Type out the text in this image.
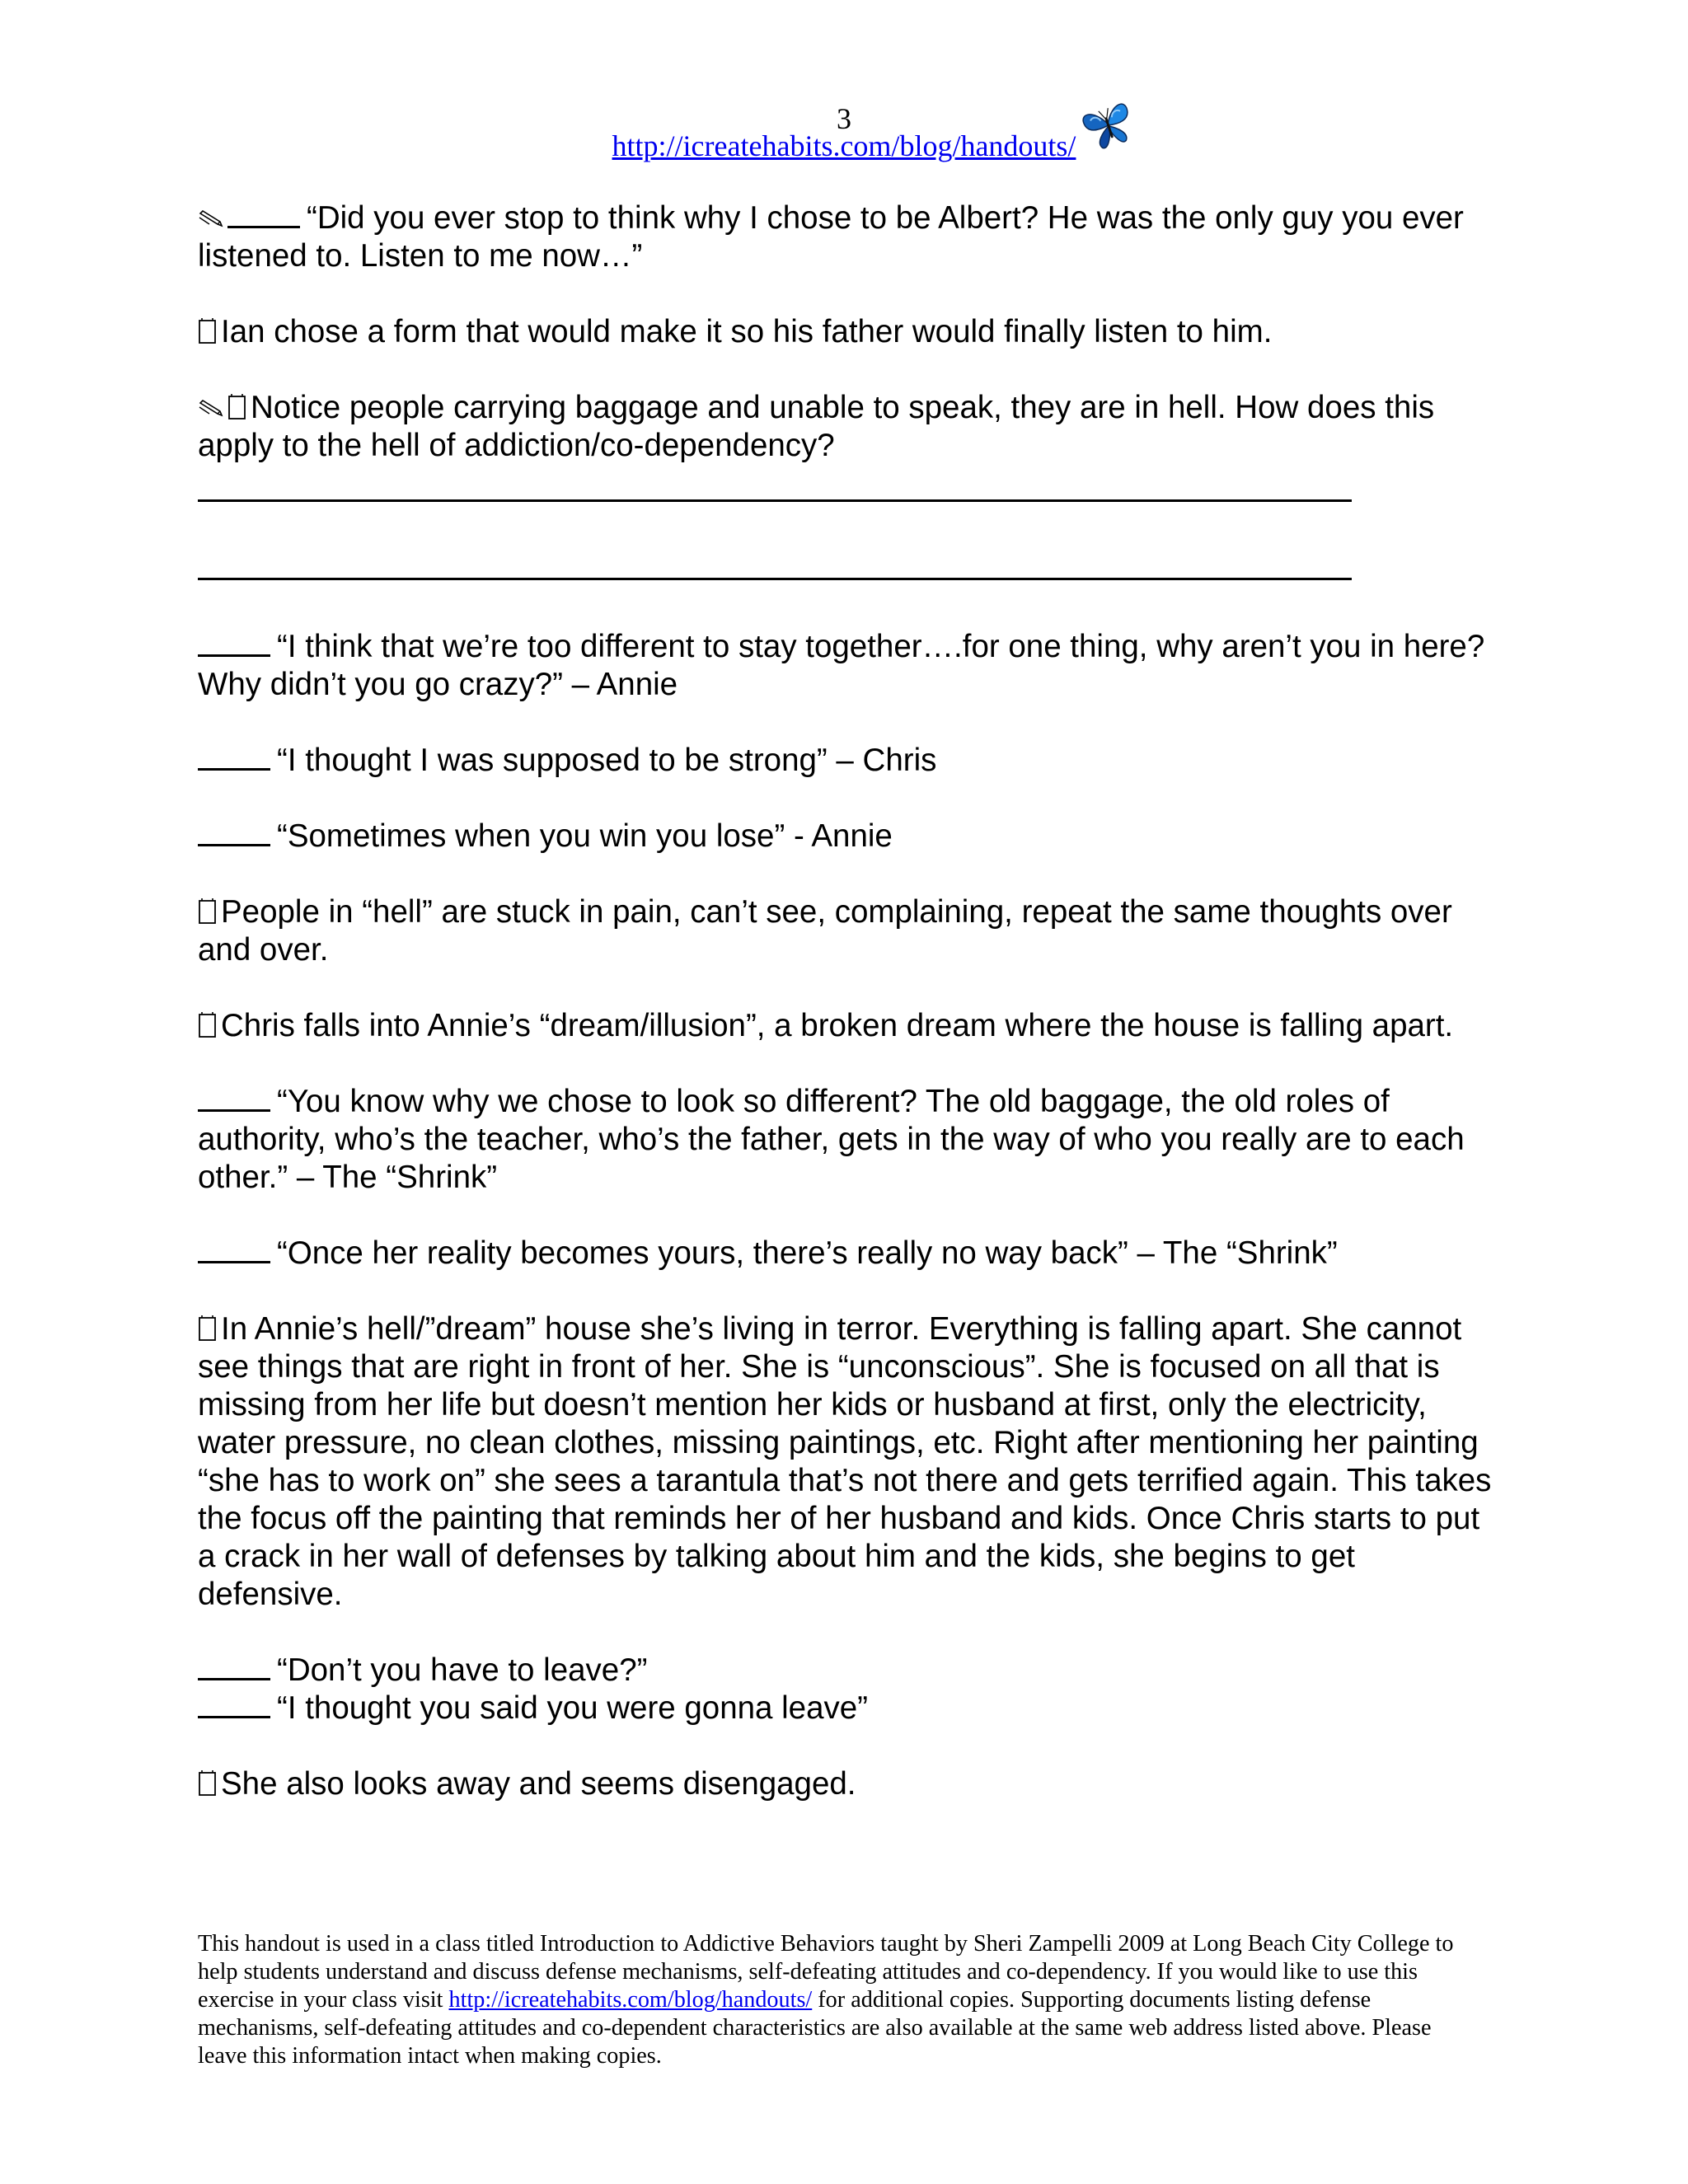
3
http://icreatehabits.com/blog/handouts/
“Did you ever stop to think why I chose to be Albert? He was the only guy you ever listened to. Listen to me now…”
Ian chose a form that would make it so his father would finally listen to him.
Notice people carrying baggage and unable to speak, they are in hell. How does this apply to the hell of addiction/co-dependency?
“I think that we’re too different to stay together….for one thing, why aren’t you in here? Why didn’t you go crazy?” – Annie
“I thought I was supposed to be strong” – Chris
“Sometimes when you win you lose” - Annie
People in “hell” are stuck in pain, can’t see, complaining, repeat the same thoughts over and over.
Chris falls into Annie’s “dream/illusion”, a broken dream where the house is falling apart.
“You know why we chose to look so different? The old baggage, the old roles of authority, who’s the teacher, who’s the father, gets in the way of who you really are to each other.” – The “Shrink”
“Once her reality becomes yours, there’s really no way back” – The “Shrink”
In Annie’s hell/”dream” house she’s living in terror. Everything is falling apart. She cannot see things that are right in front of her. She is “unconscious”. She is focused on all that is missing from her life but doesn’t mention her kids or husband at first, only the electricity, water pressure, no clean clothes, missing paintings, etc. Right after mentioning her painting “she has to work on” she sees a tarantula that’s not there and gets terrified again. This takes the focus off the painting that reminds her of her husband and kids. Once Chris starts to put a crack in her wall of defenses by talking about him and the kids, she begins to get defensive.
“Don’t you have to leave?”
“I thought you said you were gonna leave”
She also looks away and seems disengaged.
This handout is used in a class titled Introduction to Addictive Behaviors taught by Sheri Zampelli 2009 at Long Beach City College to help students understand and discuss defense mechanisms, self-defeating attitudes and co-dependency. If you would like to use this exercise in your class visit http://icreatehabits.com/blog/handouts/ for additional copies. Supporting documents listing defense mechanisms, self-defeating attitudes and co-dependent characteristics are also available at the same web address listed above. Please leave this information intact when making copies.
